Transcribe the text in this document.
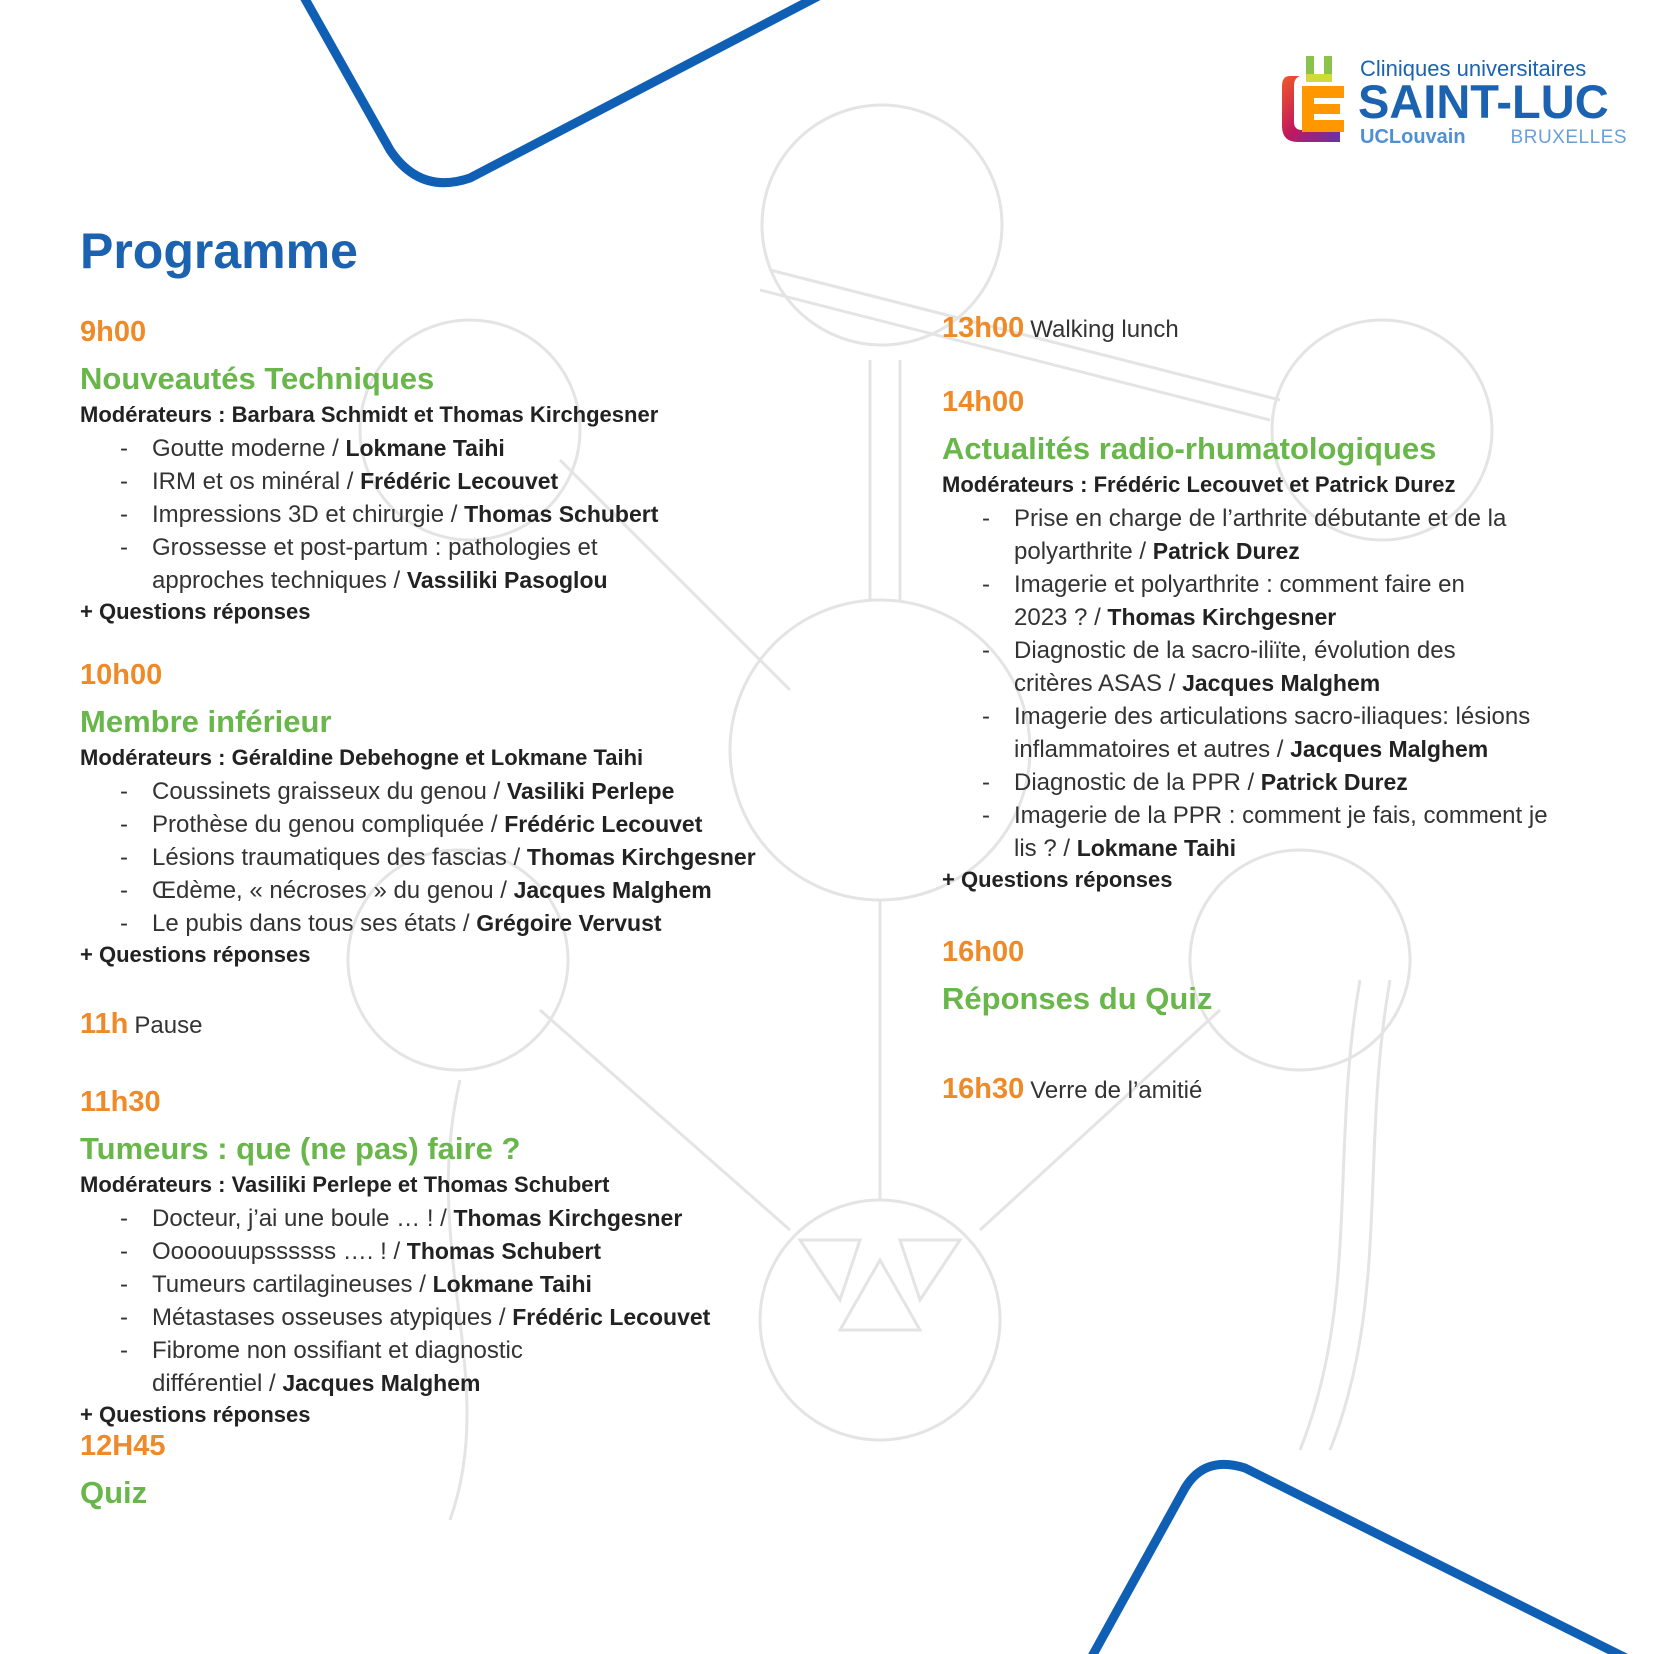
Cliniques universitaires
SAINT-LUC
UCLouvain BRUXELLES
Programme
9h00
Nouveautés Techniques
Modérateurs : Barbara Schmidt et Thomas Kirchgesner
- Goutte moderne / Lokmane Taihi
- IRM et os minéral / Frédéric Lecouvet
- Impressions 3D et chirurgie / Thomas Schubert
- Grossesse et post-partum : pathologies et approches techniques / Vassiliki Pasoglou
+ Questions réponses
10h00
Membre inférieur
Modérateurs : Géraldine Debehogne et Lokmane Taihi
- Coussinets graisseux du genou / Vasiliki Perlepe
- Prothèse du genou compliquée / Frédéric Lecouvet
- Lésions traumatiques des fascias / Thomas Kirchgesner
- Œdème, « nécroses » du genou / Jacques Malghem
- Le pubis dans tous ses états / Grégoire Vervust
+ Questions réponses
11h Pause
11h30
Tumeurs : que (ne pas) faire ?
Modérateurs : Vasiliki Perlepe et Thomas Schubert
- Docteur, j’ai une boule … ! / Thomas Kirchgesner
- Ooooouupssssss …. ! / Thomas Schubert
- Tumeurs cartilagineuses / Lokmane Taihi
- Métastases osseuses atypiques / Frédéric Lecouvet
- Fibrome non ossifiant et diagnostic différentiel / Jacques Malghem
+ Questions réponses
12H45
Quiz
13h00 Walking lunch
14h00
Actualités radio-rhumatologiques
Modérateurs : Frédéric Lecouvet et Patrick Durez
- Prise en charge de l’arthrite débutante et de la polyarthrite / Patrick Durez
- Imagerie et polyarthrite : comment faire en 2023 ? / Thomas Kirchgesner
- Diagnostic de la sacro-iliïte, évolution des critères ASAS / Jacques Malghem
- Imagerie des articulations sacro-iliaques: lésions inflammatoires et autres / Jacques Malghem
- Diagnostic de la PPR / Patrick Durez
- Imagerie de la PPR : comment je fais, comment je lis ? / Lokmane Taihi
+ Questions réponses
16h00
Réponses du Quiz
16h30 Verre de l’amitié
